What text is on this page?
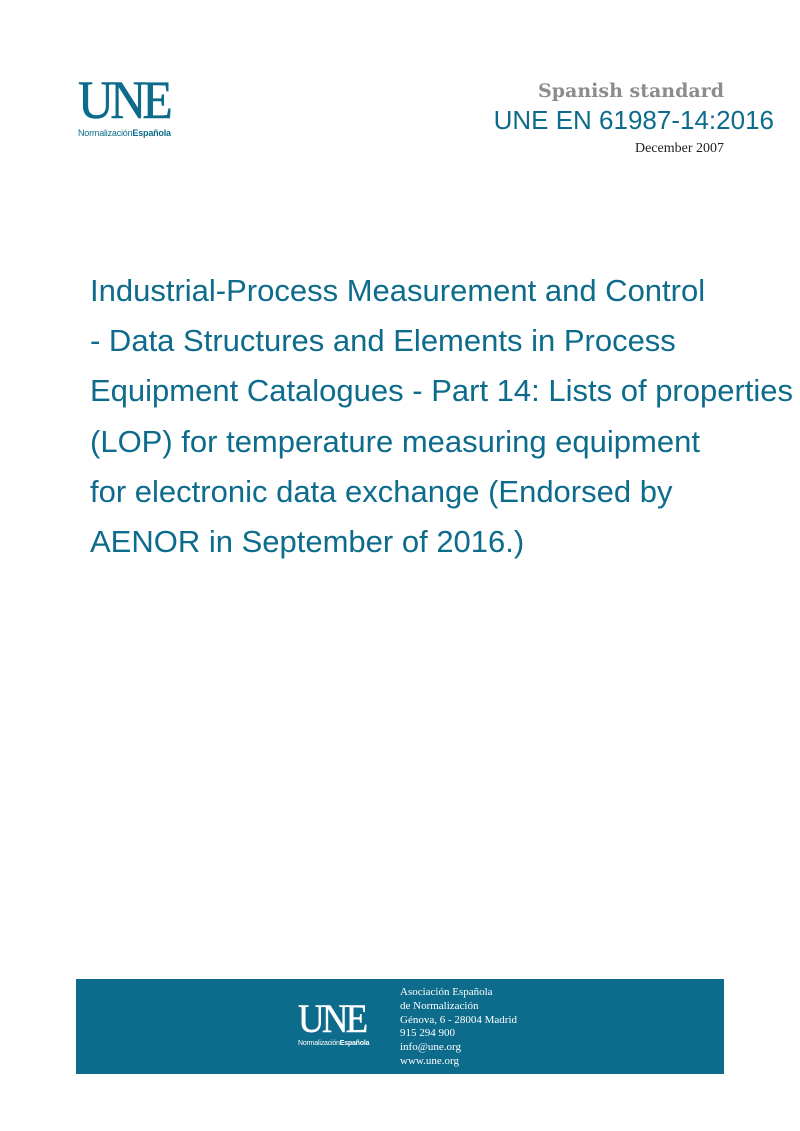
UNE
NormalizaciónEspañola
Spanish standard
UNE EN 61987-14:2016
December 2007
Industrial-Process Measurement and Control
- Data Structures and Elements in Process
Equipment Catalogues - Part 14: Lists of properties
(LOP) for temperature measuring equipment
for electronic data exchange (Endorsed by
AENOR in September of 2016.)
UNE
NormalizaciónEspañola
Asociación Española
de Normalización
Génova, 6 - 28004 Madrid
915 294 900
info@une.org
www.une.org
